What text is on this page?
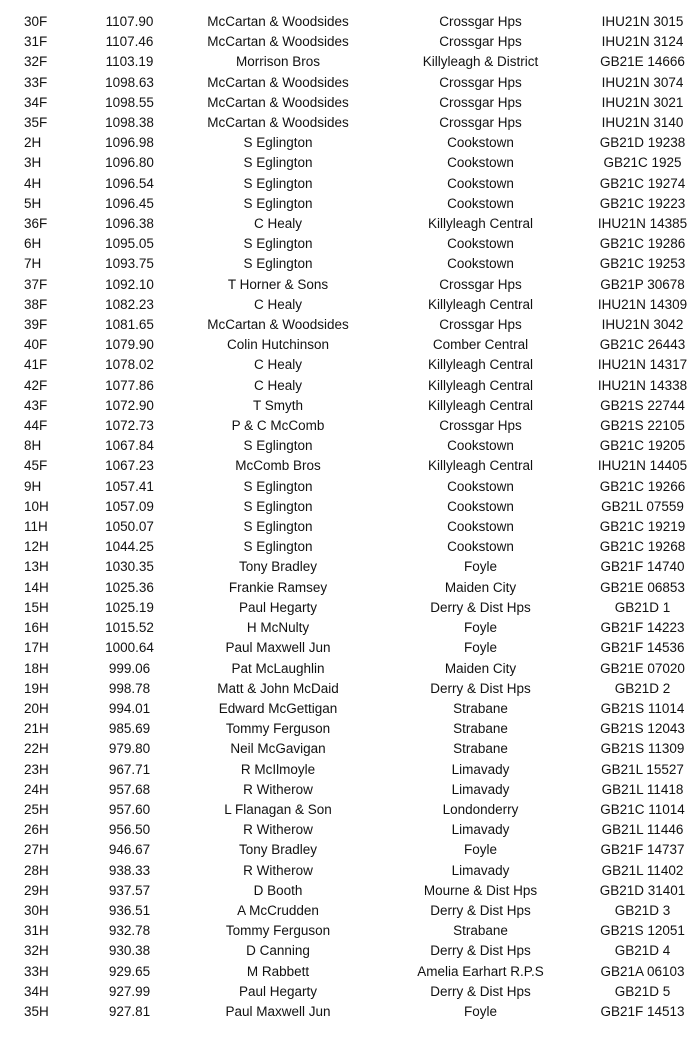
30F	1107.90	McCartan & Woodsides	Crossgar Hps	IHU21N 3015
31F	1107.46	McCartan & Woodsides	Crossgar Hps	IHU21N 3124
32F	1103.19	Morrison Bros	Killyleagh & District	GB21E 14666
33F	1098.63	McCartan & Woodsides	Crossgar Hps	IHU21N 3074
34F	1098.55	McCartan & Woodsides	Crossgar Hps	IHU21N 3021
35F	1098.38	McCartan & Woodsides	Crossgar Hps	IHU21N 3140
2H	1096.98	S Eglington	Cookstown	GB21D 19238
3H	1096.80	S Eglington	Cookstown	GB21C 1925
4H	1096.54	S Eglington	Cookstown	GB21C 19274
5H	1096.45	S Eglington	Cookstown	GB21C 19223
36F	1096.38	C Healy	Killyleagh Central	IHU21N 14385
6H	1095.05	S Eglington	Cookstown	GB21C 19286
7H	1093.75	S Eglington	Cookstown	GB21C 19253
37F	1092.10	T Horner & Sons	Crossgar Hps	GB21P 30678
38F	1082.23	C Healy	Killyleagh Central	IHU21N 14309
39F	1081.65	McCartan & Woodsides	Crossgar Hps	IHU21N 3042
40F	1079.90	Colin Hutchinson	Comber Central	GB21C 26443
41F	1078.02	C Healy	Killyleagh Central	IHU21N 14317
42F	1077.86	C Healy	Killyleagh Central	IHU21N 14338
43F	1072.90	T Smyth	Killyleagh Central	GB21S 22744
44F	1072.73	P & C McComb	Crossgar Hps	GB21S 22105
8H	1067.84	S Eglington	Cookstown	GB21C 19205
45F	1067.23	McComb Bros	Killyleagh Central	IHU21N 14405
9H	1057.41	S Eglington	Cookstown	GB21C 19266
10H	1057.09	S Eglington	Cookstown	GB21L 07559
11H	1050.07	S Eglington	Cookstown	GB21C 19219
12H	1044.25	S Eglington	Cookstown	GB21C 19268
13H	1030.35	Tony Bradley	Foyle	GB21F 14740
14H	1025.36	Frankie Ramsey	Maiden City	GB21E 06853
15H	1025.19	Paul Hegarty	Derry & Dist Hps	GB21D 1
16H	1015.52	H McNulty	Foyle	GB21F 14223
17H	1000.64	Paul Maxwell Jun	Foyle	GB21F 14536
18H	999.06	Pat McLaughlin	Maiden City	GB21E 07020
19H	998.78	Matt & John McDaid	Derry & Dist Hps	GB21D 2
20H	994.01	Edward McGettigan	Strabane	GB21S 11014
21H	985.69	Tommy Ferguson	Strabane	GB21S 12043
22H	979.80	Neil McGavigan	Strabane	GB21S 11309
23H	967.71	R McIlmoyle	Limavady	GB21L 15527
24H	957.68	R Witherow	Limavady	GB21L 11418
25H	957.60	L Flanagan & Son	Londonderry	GB21C 11014
26H	956.50	R Witherow	Limavady	GB21L 11446
27H	946.67	Tony Bradley	Foyle	GB21F 14737
28H	938.33	R Witherow	Limavady	GB21L 11402
29H	937.57	D Booth	Mourne & Dist Hps	GB21D 31401
30H	936.51	A McCrudden	Derry & Dist Hps	GB21D 3
31H	932.78	Tommy Ferguson	Strabane	GB21S 12051
32H	930.38	D Canning	Derry & Dist Hps	GB21D 4
33H	929.65	M Rabbett	Amelia Earhart R.P.S	GB21A 06103
34H	927.99	Paul Hegarty	Derry & Dist Hps	GB21D 5
35H	927.81	Paul Maxwell Jun	Foyle	GB21F 14513
